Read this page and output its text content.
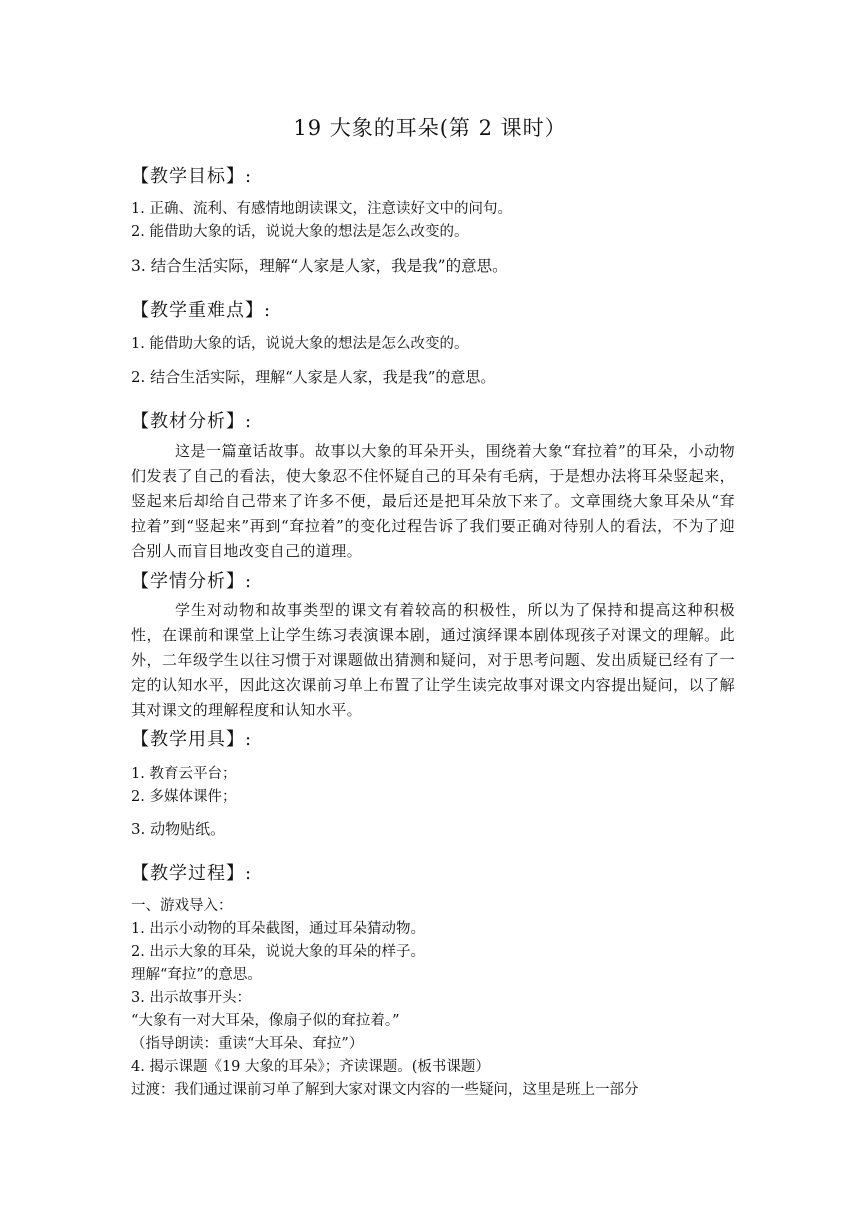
19 大象的耳朵(第 2 课时）
【教学目标】:
1. 正确、流利、有感情地朗读课文，注意读好文中的问句。
2. 能借助大象的话，说说大象的想法是怎么改变的。
3. 结合生活实际，理解“人家是人家，我是我”的意思。
【教学重难点】:
1. 能借助大象的话，说说大象的想法是怎么改变的。
2. 结合生活实际，理解“人家是人家，我是我”的意思。
【教材分析】:
这是一篇童话故事。故事以大象的耳朵开头，围绕着大象“耷拉着”的耳朵，小动物们发表了自己的看法，使大象忍不住怀疑自己的耳朵有毛病，于是想办法将耳朵竖起来，竖起来后却给自己带来了许多不便，最后还是把耳朵放下来了。文章围绕大象耳朵从“耷拉着”到“竖起来”再到“耷拉着”的变化过程告诉了我们要正确对待别人的看法，不为了迎合别人而盲目地改变自己的道理。
【学情分析】:
学生对动物和故事类型的课文有着较高的积极性，所以为了保持和提高这种积极性，在课前和课堂上让学生练习表演课本剧，通过演绎课本剧体现孩子对课文的理解。此外，二年级学生以往习惯于对课题做出猜测和疑问，对于思考问题、发出质疑已经有了一定的认知水平，因此这次课前习单上布置了让学生读完故事对课文内容提出疑问，以了解其对课文的理解程度和认知水平。
【教学用具】:
1. 教育云平台；
2. 多媒体课件；
3. 动物贴纸。
【教学过程】:
一、游戏导入：
1. 出示小动物的耳朵截图，通过耳朵猜动物。
2. 出示大象的耳朵，说说大象的耳朵的样子。
理解“耷拉”的意思。
3. 出示故事开头：
“大象有一对大耳朵，像扇子似的耷拉着。”
（指导朗读：重读“大耳朵、耷拉”）
4. 揭示课题《19 大象的耳朵》；齐读课题。(板书课题）
过渡：我们通过课前习单了解到大家对课文内容的一些疑问，这里是班上一部分
